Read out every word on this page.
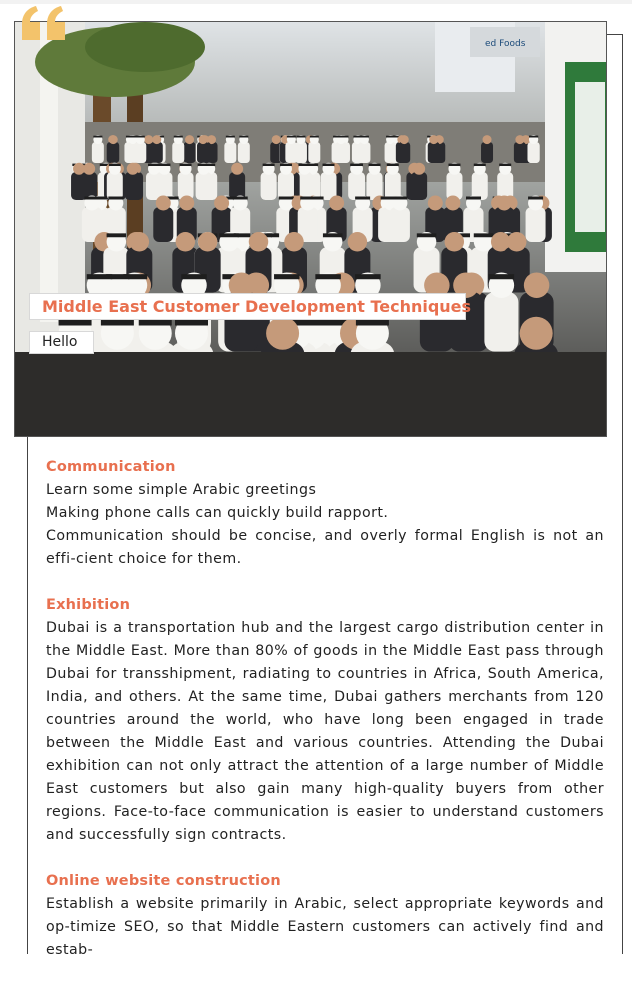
ed Foods
Middle East Customer Development Techniques
Hello
Communication
Learn some simple Arabic greetings
Making phone calls can quickly build rapport.
Communication should be concise, and overly formal English is not an effi-cient choice for them.
Exhibition
Dubai is a transportation hub and the largest cargo distribution center in the Middle East. More than 80% of goods in the Middle East pass through Dubai for transshipment, radiating to countries in Africa, South America, India, and others. At the same time, Dubai gathers merchants from 120 countries around the world, who have long been engaged in trade between the Middle East and various countries. Attending the Dubai exhibition can not only attract the attention of a large number of Middle East customers but also gain many high-quality buyers from other regions. Face-to-face communication is easier to understand customers and successfully sign contracts.
Online website construction
Establish a website primarily in Arabic, select appropriate keywords and op-timize SEO, so that Middle Eastern customers can actively find and estab-
